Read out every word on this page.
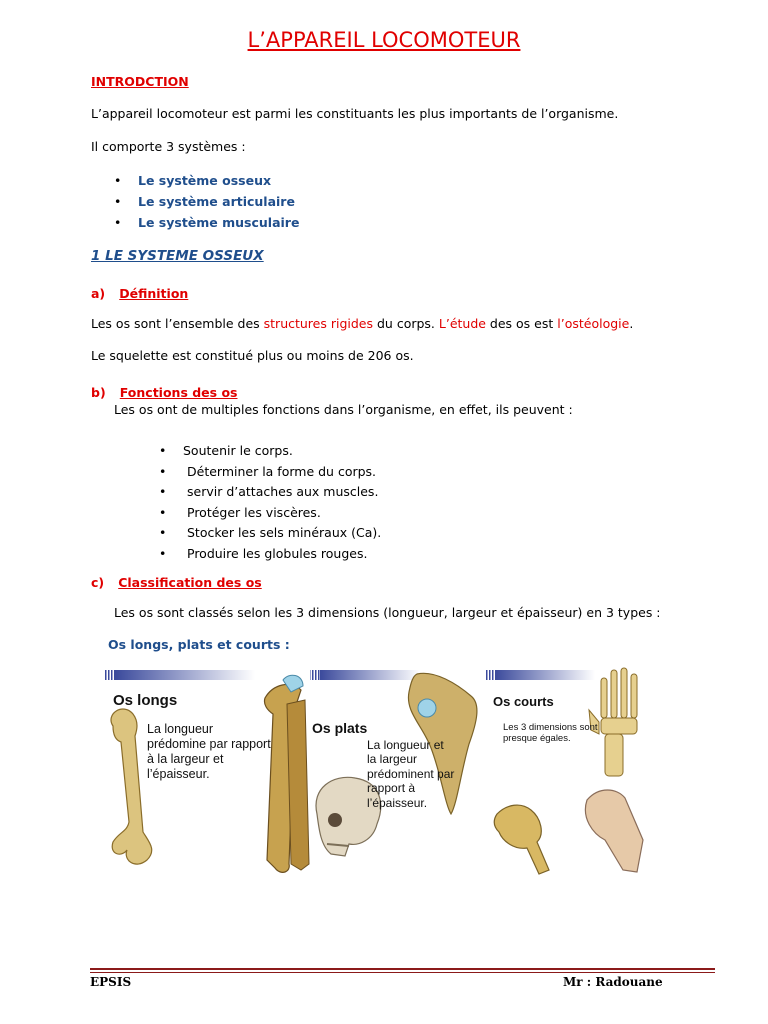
L’APPAREIL LOCOMOTEUR
INTRODCTION
L’appareil locomoteur est parmi les constituants les plus importants de l’organisme.
Il comporte 3 systèmes :
• Le système osseux
• Le système articulaire
• Le système musculaire
1 LE SYSTEME OSSEUX
a) Définition
Les os sont l’ensemble des structures rigides du corps. L’étude des os est l’ostéologie.
Le squelette est constitué plus ou moins de 206 os.
b) Fonctions des os
Les os ont de multiples fonctions dans l’organisme, en effet, ils peuvent :
• Soutenir le corps.
• Déterminer la forme du corps.
• servir d’attaches aux muscles.
• Protéger les viscères.
• Stocker les sels minéraux (Ca).
• Produire les globules rouges.
c) Classification des os
Les os sont classés selon les 3 dimensions (longueur, largeur et épaisseur) en 3 types :
Os longs, plats et courts :
Os longs
La longueur
prédomine par rapport
à la largeur et
l’épaisseur.
Os plats
La longueur et
la largeur
prédominent par
rapport à
l’épaisseur.
Os courts
Les 3 dimensions sont
presque égales.
EPSIS	Mr : Radouane
